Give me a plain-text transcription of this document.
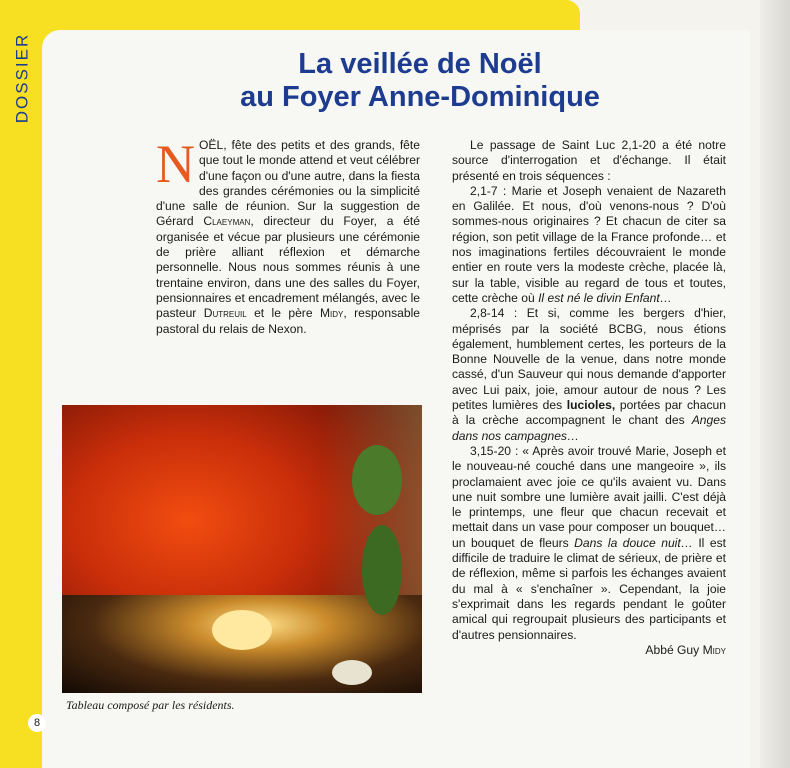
DOSSIER	La veillée de Noël
au Foyer Anne-Dominique

NOËL, fête des petits et des grands, fête que tout le monde attend et veut célébrer d'une façon ou d'une autre, dans la fiesta des grandes cérémonies ou la simplicité d'une salle de réunion. Sur la suggestion de Gérard Claeyman, directeur du Foyer, a été organisée et vécue par plusieurs une cérémonie de prière alliant réflexion et démarche personnelle. Nous nous sommes réunis à une trentaine environ, dans une des salles du Foyer, pensionnaires et encadrement mélangés, avec le pasteur Dutreuil et le père Midy, responsable pastoral du relais de Nexon.

Le passage de Saint Luc 2,1-20 a été notre source d'interrogation et d'échange. Il était présenté en trois séquences :

2,1-7 : Marie et Joseph venaient de Nazareth en Galilée. Et nous, d'où venons-nous ? D'où sommes-nous originaires ? Et chacun de citer sa région, son petit village de la France profonde… et nos imaginations fertiles découvraient le monde entier en route vers la modeste crèche, placée là, sur la table, visible au regard de tous et toutes, cette crèche où Il est né le divin Enfant…

2,8-14 : Et si, comme les bergers d'hier, méprisés par la société BCBG, nous étions également, humblement certes, les porteurs de la Bonne Nouvelle de la venue, dans notre monde cassé, d'un Sauveur qui nous demande d'apporter avec Lui paix, joie, amour autour de nous ? Les petites lumières des lucioles, portées par chacun à la crèche accompagnent le chant des Anges dans nos campagnes…

3,15-20 : « Après avoir trouvé Marie, Joseph et le nouveau-né couché dans une mangeoire », ils proclamaient avec joie ce qu'ils avaient vu. Dans une nuit sombre une lumière avait jailli. C'est déjà le printemps, une fleur que chacun recevait et mettait dans un vase pour composer un bouquet… un bouquet de fleurs Dans la douce nuit… Il est difficile de traduire le climat de sérieux, de prière et de réflexion, même si parfois les échanges avaient du mal à « s'enchaîner ». Cependant, la joie s'exprimait dans les regards pendant le goûter amical qui regroupait plusieurs des participants et d'autres pensionnaires.

Abbé Guy Midy

Tableau composé par les résidents.
8
